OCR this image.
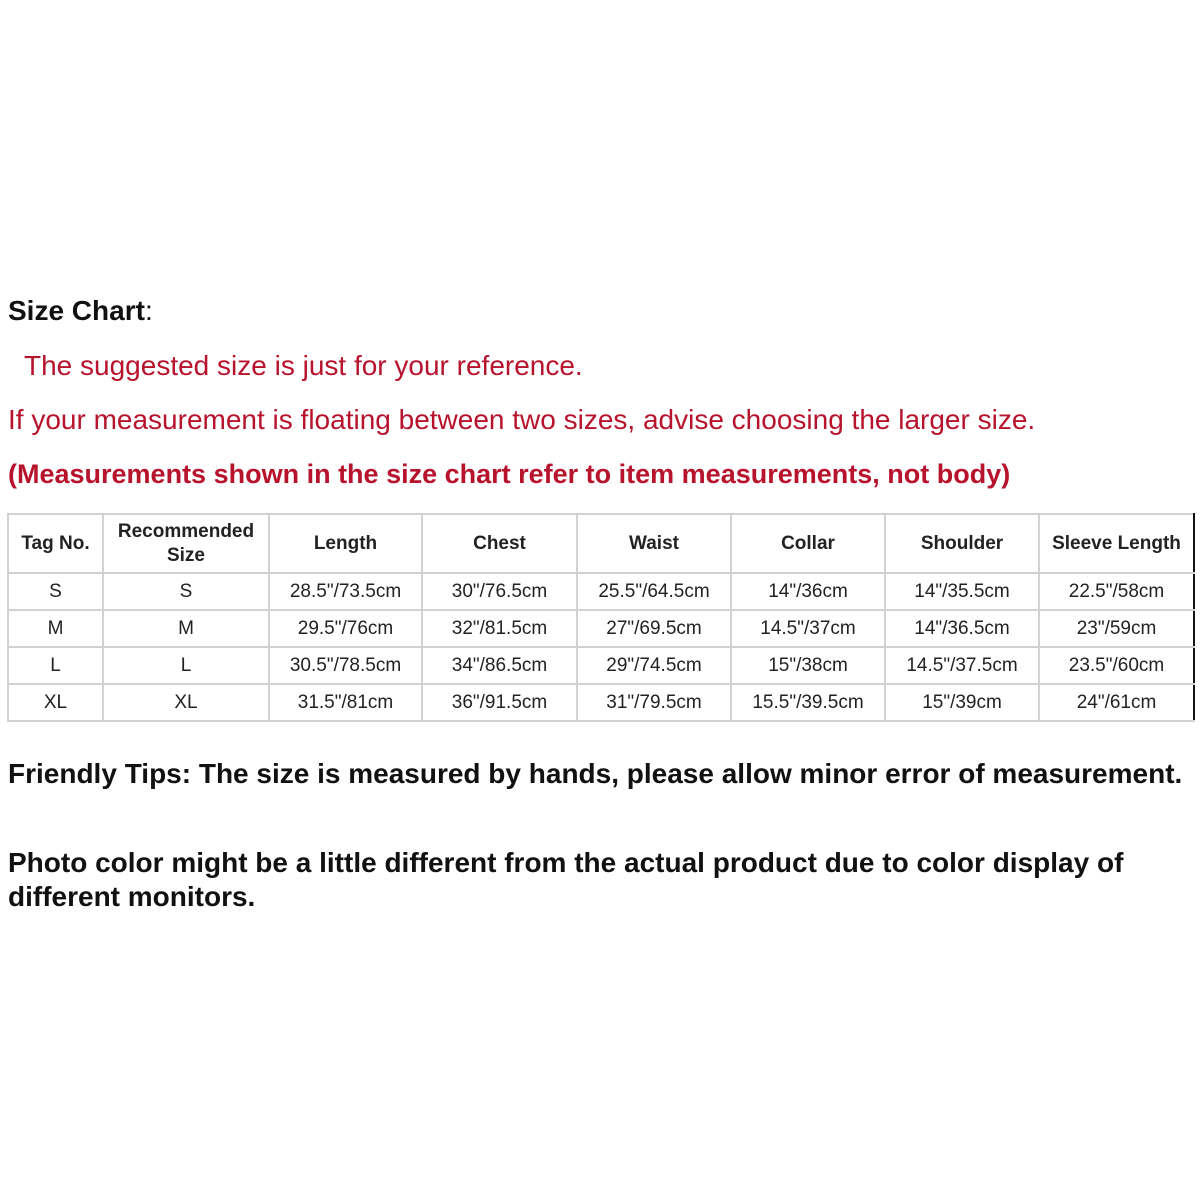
Size Chart:
The suggested size is just for your reference.
If your measurement is floating between two sizes, advise choosing the larger size.
(Measurements shown in the size chart refer to item measurements, not body)
Tag No.	Recommended Size	Length	Chest	Waist	Collar	Shoulder	Sleeve Length
S	S	28.5"/73.5cm	30"/76.5cm	25.5"/64.5cm	14"/36cm	14"/35.5cm	22.5"/58cm
M	M	29.5"/76cm	32"/81.5cm	27"/69.5cm	14.5"/37cm	14"/36.5cm	23"/59cm
L	L	30.5"/78.5cm	34"/86.5cm	29"/74.5cm	15"/38cm	14.5"/37.5cm	23.5"/60cm
XL	XL	31.5"/81cm	36"/91.5cm	31"/79.5cm	15.5"/39.5cm	15"/39cm	24"/61cm
Friendly Tips: The size is measured by hands, please allow minor error of measurement.
Photo color might be a little different from the actual product due to color display of different monitors.
